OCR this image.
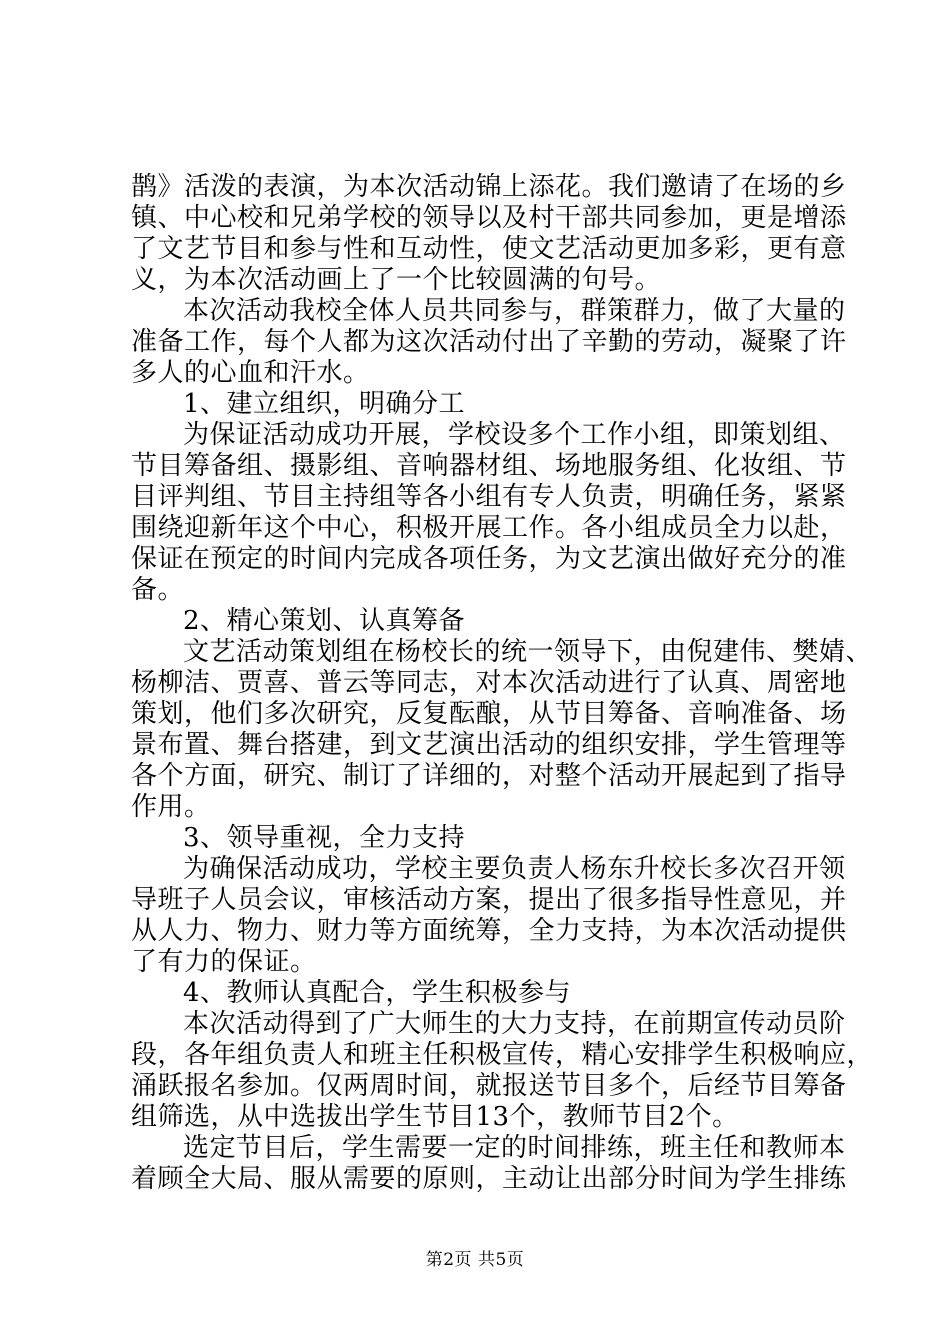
鹊》活泼的表演，为本次活动锦上添花。我们邀请了在场的乡
镇、中心校和兄弟学校的领导以及村干部共同参加，更是增添
了文艺节目和参与性和互动性，使文艺活动更加多彩，更有意
义，为本次活动画上了一个比较圆满的句号。
本次活动我校全体人员共同参与，群策群力，做了大量的
准备工作，每个人都为这次活动付出了辛勤的劳动，凝聚了许
多人的心血和汗水。
1、建立组织，明确分工
为保证活动成功开展，学校设多个工作小组，即策划组、
节目筹备组、摄影组、音响器材组、场地服务组、化妆组、节
目评判组、节目主持组等各小组有专人负责，明确任务，紧紧
围绕迎新年这个中心，积极开展工作。各小组成员全力以赴，
保证在预定的时间内完成各项任务，为文艺演出做好充分的准
备。
2、精心策划、认真筹备
文艺活动策划组在杨校长的统一领导下，由倪建伟、樊婧、
杨柳洁、贾喜、普云等同志，对本次活动进行了认真、周密地
策划，他们多次研究，反复酝酿，从节目筹备、音响准备、场
景布置、舞台搭建，到文艺演出活动的组织安排，学生管理等
各个方面，研究、制订了详细的，对整个活动开展起到了指导
作用。
3、领导重视，全力支持
为确保活动成功，学校主要负责人杨东升校长多次召开领
导班子人员会议，审核活动方案，提出了很多指导性意见，并
从人力、物力、财力等方面统筹，全力支持，为本次活动提供
了有力的保证。
4、教师认真配合，学生积极参与
本次活动得到了广大师生的大力支持，在前期宣传动员阶
段，各年组负责人和班主任积极宣传，精心安排学生积极响应，
涌跃报名参加。仅两周时间，就报送节目多个，后经节目筹备
组筛选，从中选拔出学生节目13个，教师节目2个。
选定节目后，学生需要一定的时间排练，班主任和教师本
着顾全大局、服从需要的原则，主动让出部分时间为学生排练
第2页 共5页
